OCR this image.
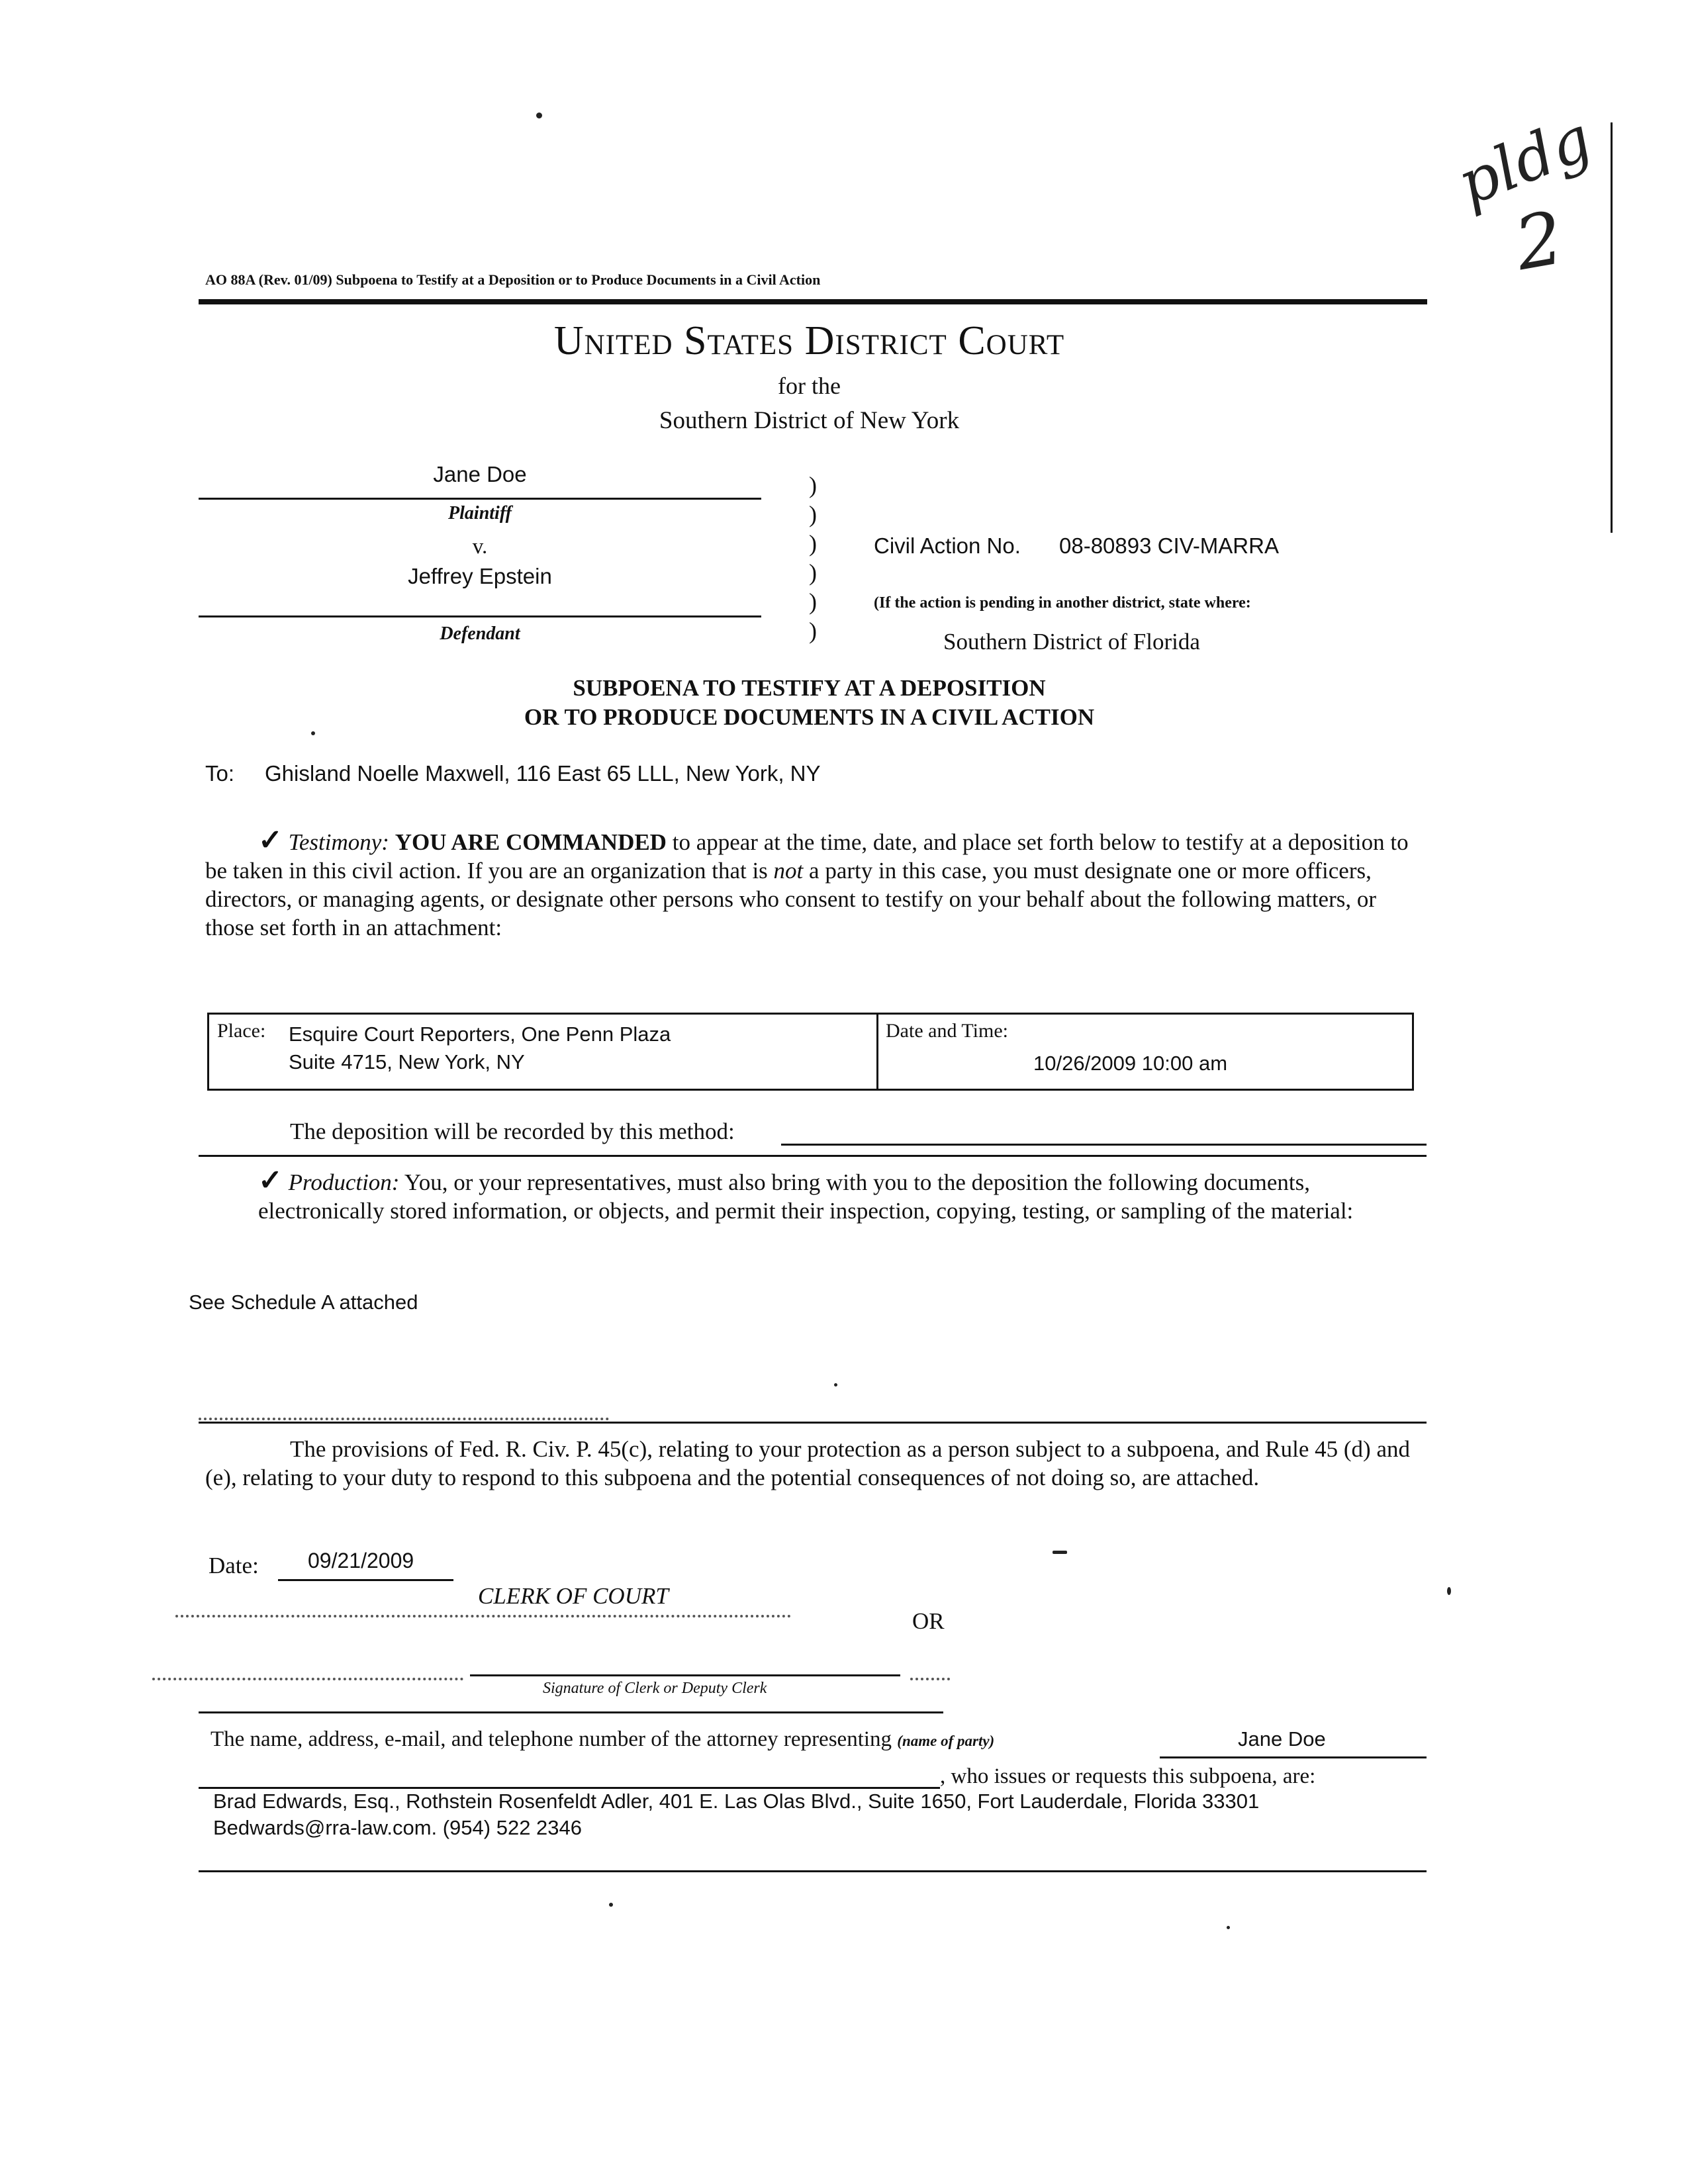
pldg
2
AO 88A (Rev. 01/09) Subpoena to Testify at a Deposition or to Produce Documents in a Civil Action
United States District Court
for the
Southern District of New York
Jane Doe
Plaintiff
v.
Jeffrey Epstein
Defendant
)
)
)
)
)
)
Civil Action No. 08-80893 CIV-MARRA
(If the action is pending in another district, state where:
Southern District of Florida
SUBPOENA TO TESTIFY AT A DEPOSITION
OR TO PRODUCE DOCUMENTS IN A CIVIL ACTION
To: Ghisland Noelle Maxwell, 116 East 65 LLL, New York, NY
✓ Testimony: YOU ARE COMMANDED to appear at the time, date, and place set forth below to testify at a deposition to be taken in this civil action. If you are an organization that is not a party in this case, you must designate one or more officers, directors, or managing agents, or designate other persons who consent to testify on your behalf about the following matters, or those set forth in an attachment:
Place: Esquire Court Reporters, One Penn Plaza
Suite 4715, New York, NY
Date and Time:
10/26/2009 10:00 am
The deposition will be recorded by this method:
✓ Production: You, or your representatives, must also bring with you to the deposition the following documents, electronically stored information, or objects, and permit their inspection, copying, testing, or sampling of the material:
See Schedule A attached
The provisions of Fed. R. Civ. P. 45(c), relating to your protection as a person subject to a subpoena, and Rule 45 (d) and (e), relating to your duty to respond to this subpoena and the potential consequences of not doing so, are attached.
Date: 09/21/2009
CLERK OF COURT
OR
Signature of Clerk or Deputy Clerk
The name, address, e-mail, and telephone number of the attorney representing (name of party)	Jane Doe
, who issues or requests this subpoena, are:
Brad Edwards, Esq., Rothstein Rosenfeldt Adler, 401 E. Las Olas Blvd., Suite 1650, Fort Lauderdale, Florida 33301
Bedwards@rra-law.com. (954) 522 2346
